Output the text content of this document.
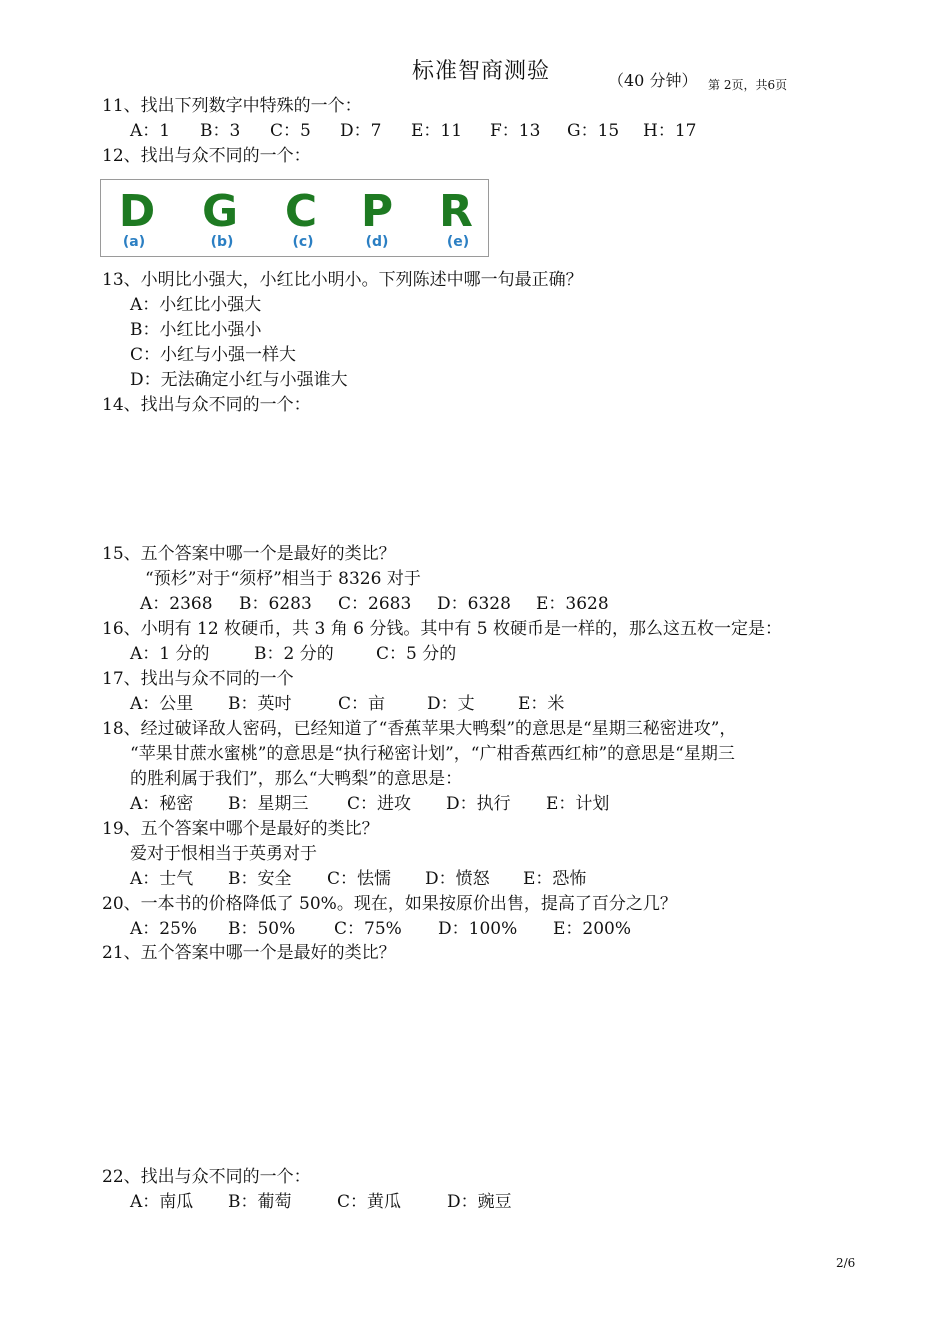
标准智商测验	（40 分钟） 第 2页，共6页
11、找出下列数字中特殊的一个：
A：1 B：3 C：5 D：7 E：11 F：13 G：15 H：17
12、找出与众不同的一个：
D G	C P	R
(a)	(b)	(c)	(d)	(e)
13、小明比小强大，小红比小明小。下列陈述中哪一句最正确？
A：小红比小强大
B：小红比小强小
C：小红与小强一样大
D：无法确定小红与小强谁大
14、找出与众不同的一个：
15、五个答案中哪一个是最好的类比？
“预杉”对于“须杼”相当于 8326 对于
A：2368 B：6283 C：2683 D：6328 E：3628
16、小明有 12 枚硬币，共 3 角 6 分钱。其中有 5 枚硬币是一样的，那么这五枚一定是：
A：1 分的	B：2 分的 C：5 分的
17、找出与众不同的一个
A：公里 B：英吋	C：亩 D：丈	E：米
18、经过破译敌人密码，已经知道了“香蕉苹果大鸭梨”的意思是“星期三秘密进攻”，
“苹果甘蔗水蜜桃”的意思是“执行秘密计划”，“广柑香蕉西红柿”的意思是“星期三
的胜利属于我们”，那么“大鸭梨”的意思是：
A：秘密 B：星期三 C：进攻 D：执行 E：计划
19、五个答案中哪个是最好的类比？
爱对于恨相当于英勇对于
A：士气 B：安全 C：怯懦 D：愤怒 E：恐怖
20、一本书的价格降低了 50%。现在，如果按原价出售，提高了百分之几？
A：25% B：50% C：75% D：100% E：200%
21、五个答案中哪一个是最好的类比？
22、找出与众不同的一个：
A：南瓜 B：葡萄	C：黄瓜	D：豌豆
2/6
